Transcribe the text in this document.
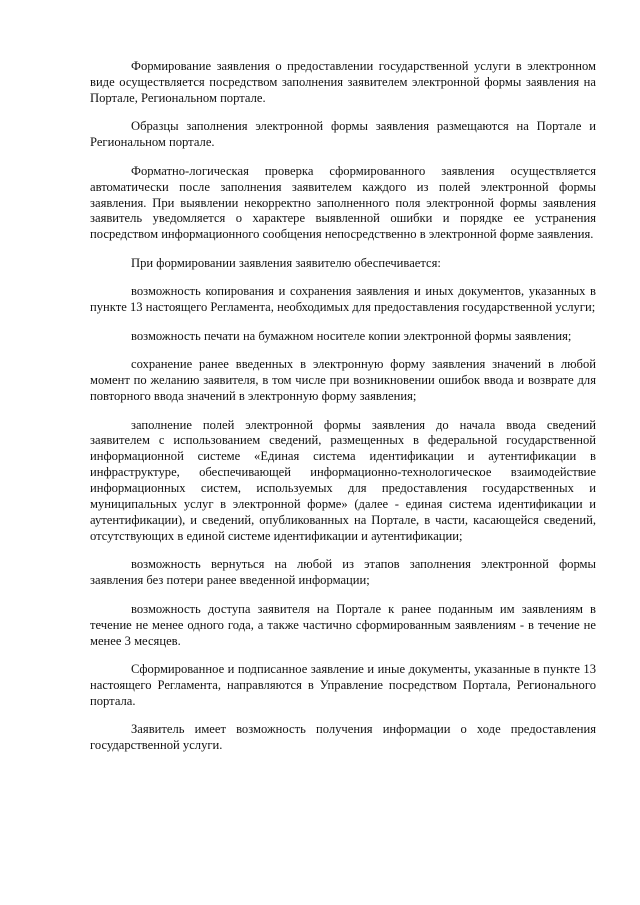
Формирование заявления о предоставлении государственной услуги в электронном виде осуществляется посредством заполнения заявителем электронной формы заявления на Портале, Региональном портале.

Образцы заполнения электронной формы заявления размещаются на Портале и Региональном портале.

Форматно-логическая проверка сформированного заявления осуществляется автоматически после заполнения заявителем каждого из полей электронной формы заявления. При выявлении некорректно заполненного поля электронной формы заявления заявитель уведомляется о характере выявленной ошибки и порядке ее устранения посредством информационного сообщения непосредственно в электронной форме заявления.

При формировании заявления заявителю обеспечивается:

возможность копирования и сохранения заявления и иных документов, указанных в пункте 13 настоящего Регламента, необходимых для предоставления государственной услуги;

возможность печати на бумажном носителе копии электронной формы заявления;

сохранение ранее введенных в электронную форму заявления значений в любой момент по желанию заявителя, в том числе при возникновении ошибок ввода и возврате для повторного ввода значений в электронную форму заявления;

заполнение полей электронной формы заявления до начала ввода сведений заявителем с использованием сведений, размещенных в федеральной государственной информационной системе «Единая система идентификации и аутентификации в инфраструктуре, обеспечивающей информационно-технологическое взаимодействие информационных систем, используемых для предоставления государственных и муниципальных услуг в электронной форме» (далее - единая система идентификации и аутентификации), и сведений, опубликованных на Портале, в части, касающейся сведений, отсутствующих в единой системе идентификации и аутентификации;

возможность вернуться на любой из этапов заполнения электронной формы заявления без потери ранее введенной информации;

возможность доступа заявителя на Портале к ранее поданным им заявлениям в течение не менее одного года, а также частично сформированным заявлениям - в течение не менее 3 месяцев.

Сформированное и подписанное заявление и иные документы, указанные в пункте 13 настоящего Регламента, направляются в Управление посредством Портала, Регионального портала.

Заявитель имеет возможность получения информации о ходе предоставления государственной услуги.
